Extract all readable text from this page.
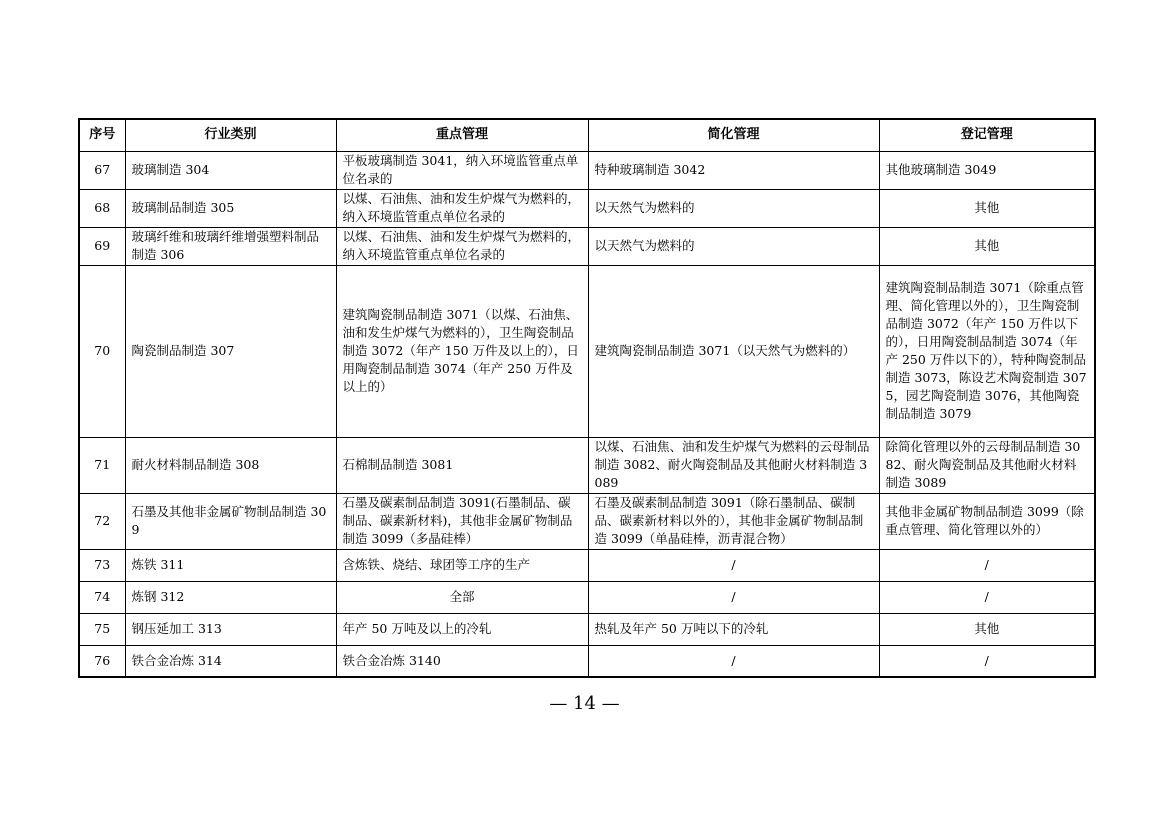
序号	行业类别	重点管理	简化管理	登记管理
67	玻璃制造 304	平板玻璃制造 3041，纳入环境监管重点单位名录的	特种玻璃制造 3042	其他玻璃制造 3049
68	玻璃制品制造 305	以煤、石油焦、油和发生炉煤气为燃料的，纳入环境监管重点单位名录的	以天然气为燃料的	其他
69	玻璃纤维和玻璃纤维增强塑料制品制造 306	以煤、石油焦、油和发生炉煤气为燃料的，纳入环境监管重点单位名录的	以天然气为燃料的	其他
70	陶瓷制品制造 307	建筑陶瓷制品制造 3071（以煤、石油焦、油和发生炉煤气为燃料的），卫生陶瓷制品制造 3072（年产 150 万件及以上的），日用陶瓷制品制造 3074（年产 250 万件及以上的）	建筑陶瓷制品制造 3071（以天然气为燃料的）	建筑陶瓷制品制造 3071（除重点管理、简化管理以外的），卫生陶瓷制品制造 3072（年产 150 万件以下的），日用陶瓷制品制造 3074（年产 250 万件以下的），特种陶瓷制品制造 3073，陈设艺术陶瓷制造 3075，园艺陶瓷制造 3076，其他陶瓷制品制造 3079
71	耐火材料制品制造 308	石棉制品制造 3081	以煤、石油焦、油和发生炉煤气为燃料的云母制品制造 3082、耐火陶瓷制品及其他耐火材料制造 3089	除简化管理以外的云母制品制造 3082、耐火陶瓷制品及其他耐火材料制造 3089
72	石墨及其他非金属矿物制品制造 309	石墨及碳素制品制造 3091(石墨制品、碳制品、碳素新材料)，其他非金属矿物制品制造 3099（多晶硅棒）	石墨及碳素制品制造 3091（除石墨制品、碳制品、碳素新材料以外的），其他非金属矿物制品制造 3099（单晶硅棒，沥青混合物）	其他非金属矿物制品制造 3099（除重点管理、简化管理以外的）
73	炼铁 311	含炼铁、烧结、球团等工序的生产	/	/
74	炼钢 312	全部	/	/
75	钢压延加工 313	年产 50 万吨及以上的冷轧	热轧及年产 50 万吨以下的冷轧	其他
76	铁合金冶炼 314	铁合金冶炼 3140	/	/
— 14 —
